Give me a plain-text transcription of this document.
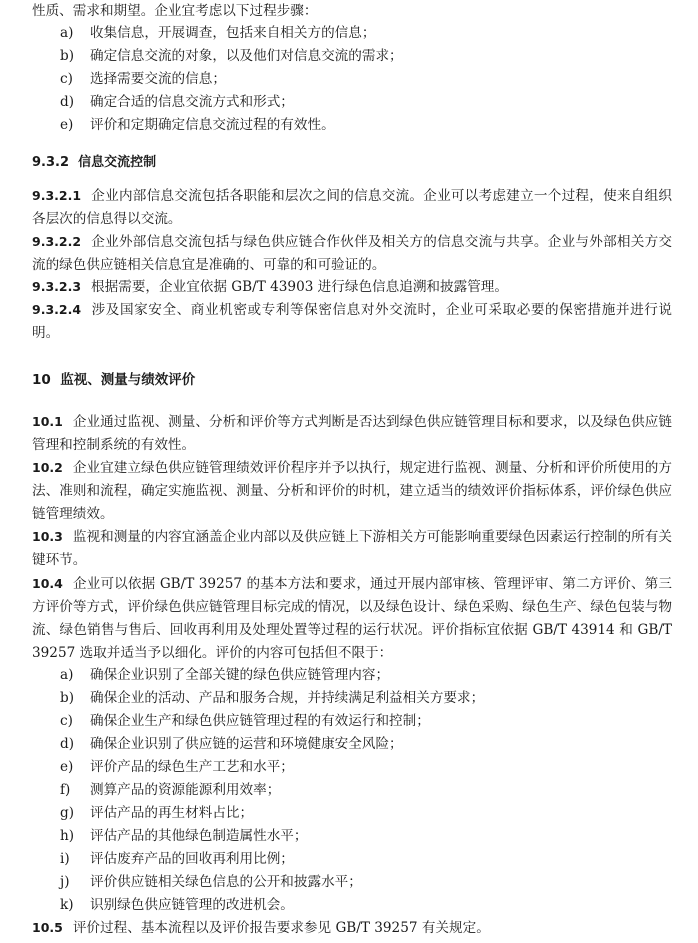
性质、需求和期望。企业宜考虑以下过程步骤：
a) 收集信息，开展调查，包括来自相关方的信息；
b) 确定信息交流的对象，以及他们对信息交流的需求；
c) 选择需要交流的信息；
d) 确定合适的信息交流方式和形式；
e) 评价和定期确定信息交流过程的有效性。
9.3.2 信息交流控制
9.3.2.1 企业内部信息交流包括各职能和层次之间的信息交流。企业可以考虑建立一个过程，使来自组织各层次的信息得以交流。
9.3.2.2 企业外部信息交流包括与绿色供应链合作伙伴及相关方的信息交流与共享。企业与外部相关方交流的绿色供应链相关信息宜是准确的、可靠的和可验证的。
9.3.2.3 根据需要，企业宜依据 GB/T 43903 进行绿色信息追溯和披露管理。
9.3.2.4 涉及国家安全、商业机密或专利等保密信息对外交流时，企业可采取必要的保密措施并进行说明。
10 监视、测量与绩效评价
10.1 企业通过监视、测量、分析和评价等方式判断是否达到绿色供应链管理目标和要求，以及绿色供应链管理和控制系统的有效性。
10.2 企业宜建立绿色供应链管理绩效评价程序并予以执行，规定进行监视、测量、分析和评价所使用的方法、准则和流程，确定实施监视、测量、分析和评价的时机，建立适当的绩效评价指标体系，评价绿色供应链管理绩效。
10.3 监视和测量的内容宜涵盖企业内部以及供应链上下游相关方可能影响重要绿色因素运行控制的所有关键环节。
10.4 企业可以依据 GB/T 39257 的基本方法和要求，通过开展内部审核、管理评审、第二方评价、第三方评价等方式，评价绿色供应链管理目标完成的情况，以及绿色设计、绿色采购、绿色生产、绿色包装与物流、绿色销售与售后、回收再利用及处理处置等过程的运行状况。评价指标宜依据 GB/T 43914 和 GB/T 39257 选取并适当予以细化。评价的内容可包括但不限于：
a) 确保企业识别了全部关键的绿色供应链管理内容；
b) 确保企业的活动、产品和服务合规，并持续满足利益相关方要求；
c) 确保企业生产和绿色供应链管理过程的有效运行和控制；
d) 确保企业识别了供应链的运营和环境健康安全风险；
e) 评价产品的绿色生产工艺和水平；
f) 测算产品的资源能源利用效率；
g) 评估产品的再生材料占比；
h) 评估产品的其他绿色制造属性水平；
i) 评估废弃产品的回收再利用比例；
j) 评价供应链相关绿色信息的公开和披露水平；
k) 识别绿色供应链管理的改进机会。
10.5 评价过程、基本流程以及评价报告要求参见 GB/T 39257 有关规定。
